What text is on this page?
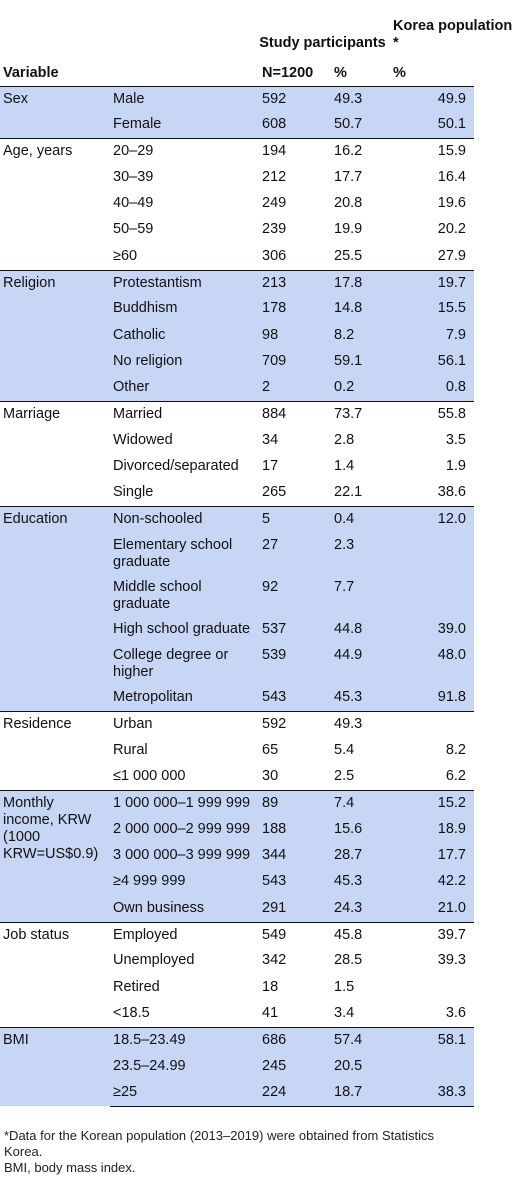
		Study participants		Korea population
*

Variable		N=1200	%	%
Sex	Male	592	49.3	49.9
	Female	608	50.7	50.1
Age, years	20–29	194	16.2	15.9
	30–39	212	17.7	16.4
	40–49	249	20.8	19.6
	50–59	239	19.9	20.2
	≥60	306	25.5	27.9
Religion	Protestantism	213	17.8	19.7
	Buddhism	178	14.8	15.5
	Catholic	98	8.2	7.9
	No religion	709	59.1	56.1
	Other	2	0.2	0.8
Marriage	Married	884	73.7	55.8
	Widowed	34	2.8	3.5
	Divorced/separated	17	1.4	1.9
	Single	265	22.1	38.6
Education	Non-schooled	5	0.4	12.0
	Elementary school graduate	27	2.3	
	Middle school graduate	92	7.7	
	High school graduate	537	44.8	39.0
	College degree or higher	539	44.9	48.0
	Metropolitan	543	45.3	91.8
Residence	Urban	592	49.3	
	Rural	65	5.4	8.2
	≤1 000 000	30	2.5	6.2
Monthly income, KRW (1000 KRW=US$0.9)	1 000 000–1 999 999	89	7.4	15.2
	2 000 000–2 999 999	188	15.6	18.9
	3 000 000–3 999 999	344	28.7	17.7
	≥4 999 999	543	45.3	42.2
	Own business	291	24.3	21.0
Job status	Employed	549	45.8	39.7
	Unemployed	342	28.5	39.3
	Retired	18	1.5	
	<18.5	41	3.4	3.6
BMI	18.5–23.49	686	57.4	58.1
	23.5–24.99	245	20.5	
	≥25	224	18.7	38.3
*Data for the Korean population (2013–2019) were obtained from Statistics Korea.
BMI, body mass index.
